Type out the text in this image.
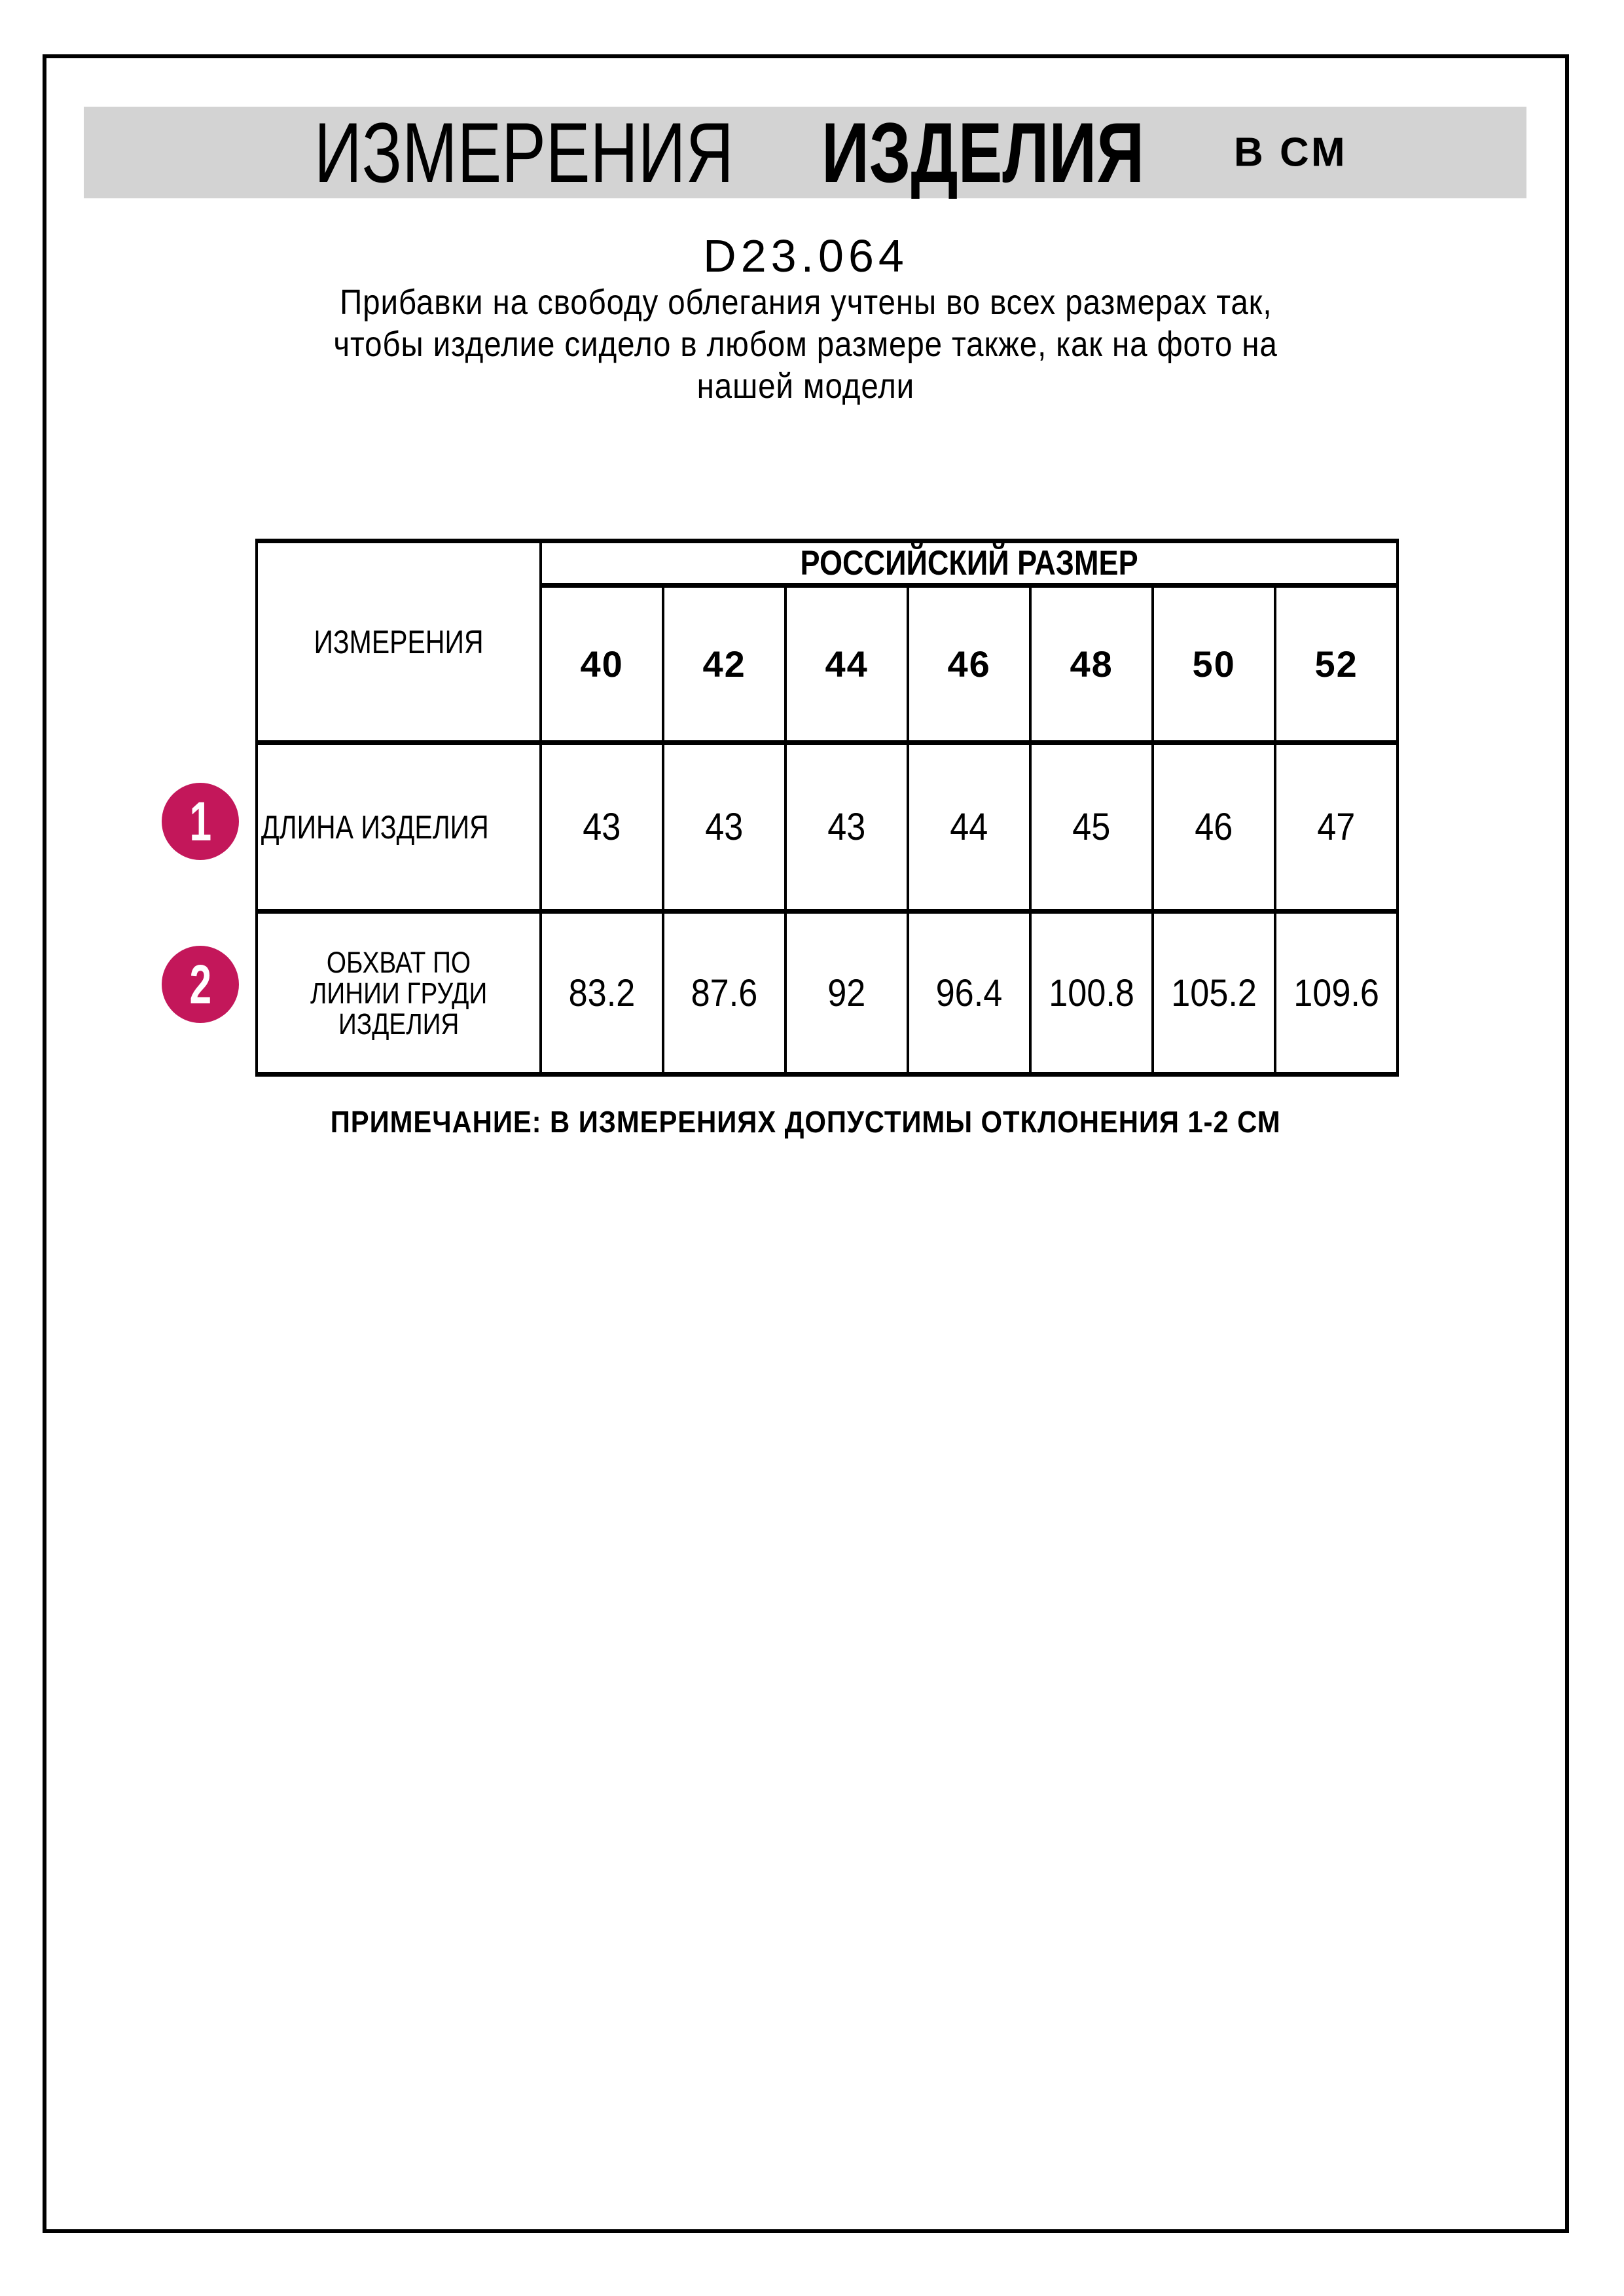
ИЗМЕРЕНИЯ ИЗДЕЛИЯ В СМ
D23.064
Прибавки на свободу облегания учтены во всех размерах так,
чтобы изделие сидело в любом размере также, как на фото на
нашей модели
ИЗМЕРЕНИЯ	РОССИЙСКИЙ РАЗМЕР						
	40	42	44	46	48	50	52
ДЛИНА ИЗДЕЛИЯ	43	43	43	44	45	46	47

ОБХВАТ ПО
ЛИНИИ ГРУДИ
ИЗДЕЛИЯ	83.2	87.6	92	96.4	100.8	105.2	109.6
1
2
ПРИМЕЧАНИЕ: В ИЗМЕРЕНИЯХ ДОПУСТИМЫ ОТКЛОНЕНИЯ 1-2 СМ
